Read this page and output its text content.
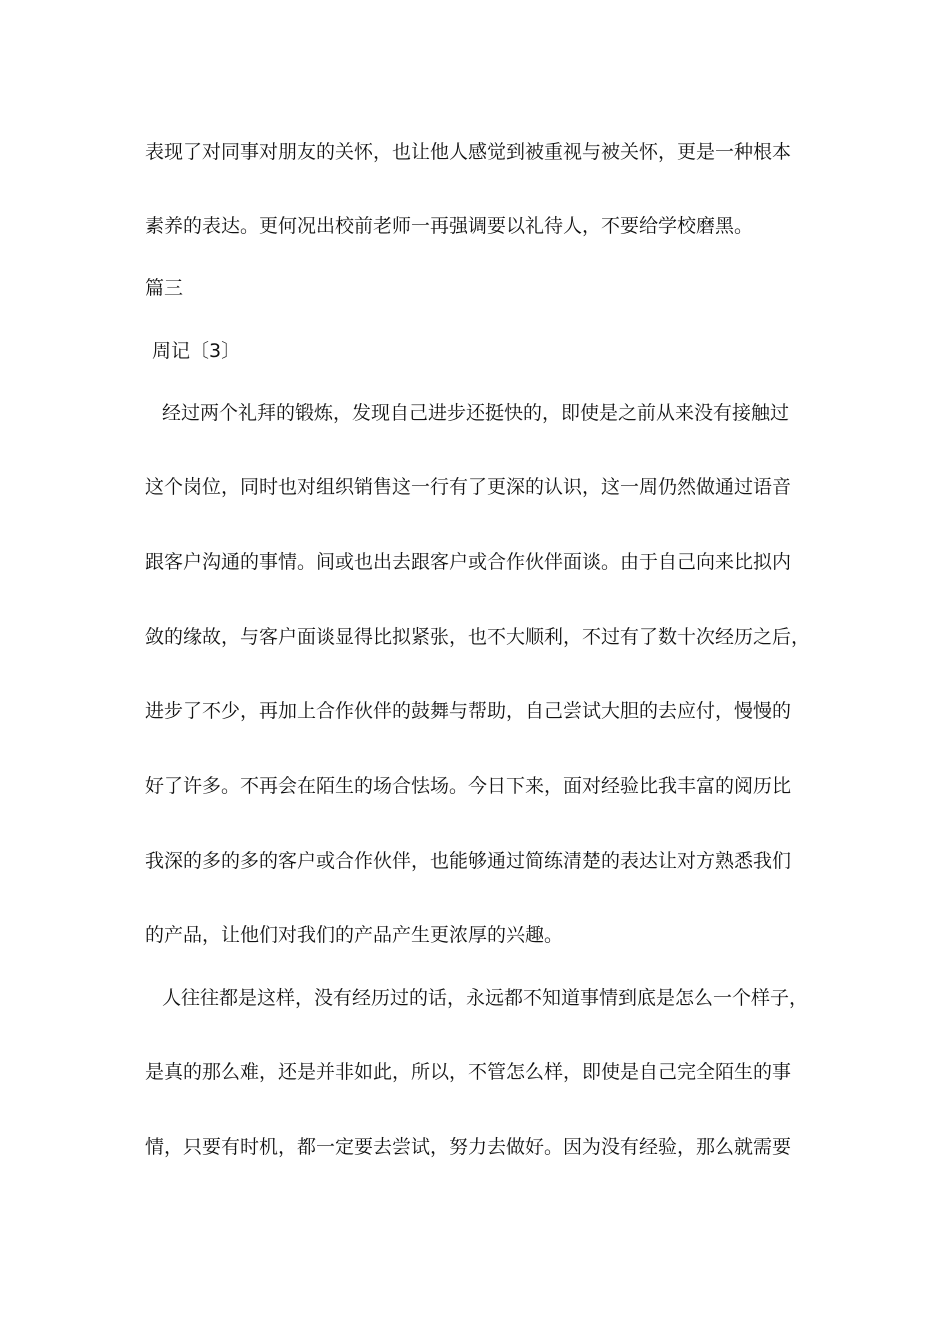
表现了对同事对朋友的关怀，也让他人感觉到被重视与被关怀，更是一种根本
素养的表达。更何况出校前老师一再强调要以礼待人，不要给学校磨黑。
篇三
周记〔3〕
经过两个礼拜的锻炼，发现自己进步还挺快的，即使是之前从来没有接触过
这个岗位，同时也对组织销售这一行有了更深的认识，这一周仍然做通过语音
跟客户沟通的事情。间或也出去跟客户或合作伙伴面谈。由于自己向来比拟内
敛的缘故，与客户面谈显得比拟紧张，也不大顺利，不过有了数十次经历之后，
进步了不少，再加上合作伙伴的鼓舞与帮助，自己尝试大胆的去应付，慢慢的
好了许多。不再会在陌生的场合怯场。今日下来，面对经验比我丰富的阅历比
我深的多的多的客户或合作伙伴，也能够通过简练清楚的表达让对方熟悉我们
的产品，让他们对我们的产品产生更浓厚的兴趣。
人往往都是这样，没有经历过的话，永远都不知道事情到底是怎么一个样子，
是真的那么难，还是并非如此，所以，不管怎么样，即使是自己完全陌生的事
情，只要有时机，都一定要去尝试，努力去做好。因为没有经验，那么就需要
